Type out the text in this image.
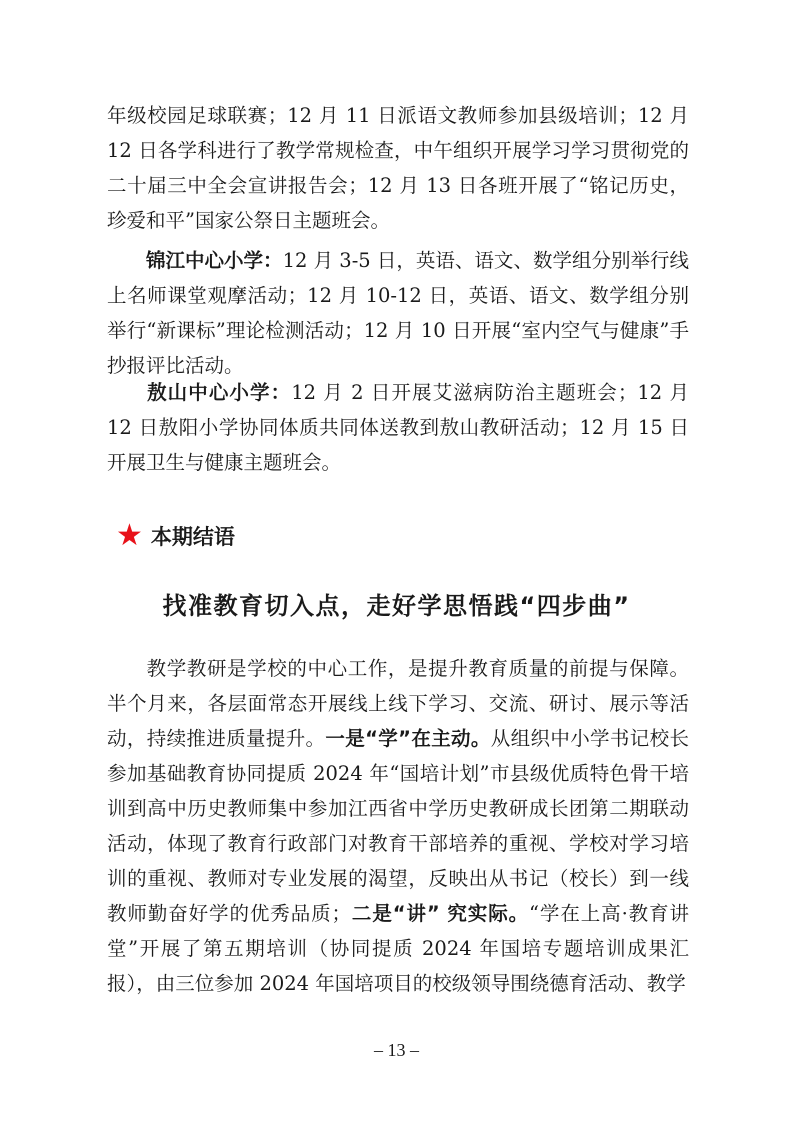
年级校园足球联赛；12 月 11 日派语文教师参加县级培训；12 月 12 日各学科进行了教学常规检查，中午组织开展学习学习贯彻党的二十届三中全会宣讲报告会；12 月 13 日各班开展了“铭记历史，珍爱和平”国家公祭日主题班会。

锦江中心小学：12 月 3-5 日，英语、语文、数学组分别举行线上名师课堂观摩活动；12 月 10-12 日，英语、语文、数学组分别举行“新课标”理论检测活动；12 月 10 日开展“室内空气与健康”手抄报评比活动。

敖山中心小学：12 月 2 日开展艾滋病防治主题班会；12 月 12 日敖阳小学协同体质共同体送教到敖山教研活动；12 月 15 日开展卫生与健康主题班会。

★ 本期结语
找准教育切入点，走好学思悟践“四步曲”

教学教研是学校的中心工作，是提升教育质量的前提与保障。半个月来，各层面常态开展线上线下学习、交流、研讨、展示等活动，持续推进质量提升。一是“学”在主动。从组织中小学书记校长参加基础教育协同提质 2024 年“国培计划”市县级优质特色骨干培训到高中历史教师集中参加江西省中学历史教研成长团第二期联动活动，体现了教育行政部门对教育干部培养的重视、学校对学习培训的重视、教师对专业发展的渴望，反映出从书记（校长）到一线教师勤奋好学的优秀品质；二是“讲” 究实际。“学在上高·教育讲堂”开展了第五期培训（协同提质 2024 年国培专题培训成果汇报），由三位参加 2024 年国培项目的校级领导围绕德育活动、教学

– 13 –
